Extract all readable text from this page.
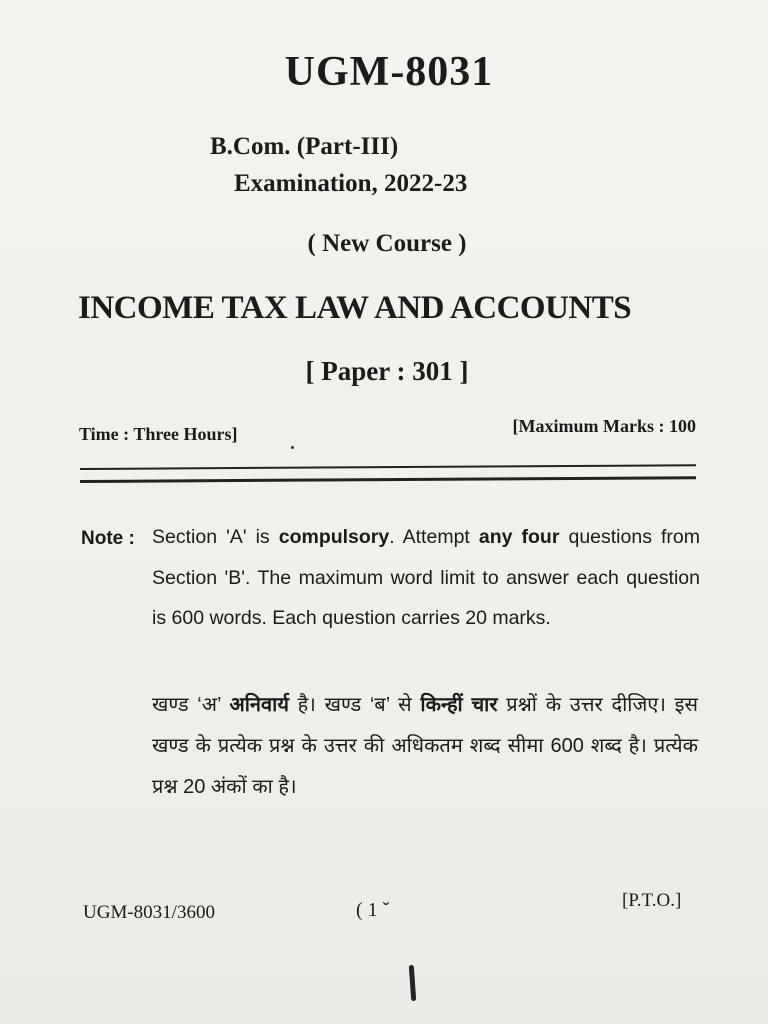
UGM-8031
B.Com. (Part-III)
Examination, 2022-23
( New Course )
INCOME TAX LAW AND ACCOUNTS
[ Paper : 301 ]
Time : Three Hours]	[Maximum Marks : 100
Note : Section 'A' is compulsory. Attempt any four questions from Section 'B'. The maximum word limit to answer each question is 600 words. Each question carries 20 marks.
खण्ड ‘अ’ अनिवार्य है। खण्ड ‘ब’ से किन्हीं चार प्रश्नों के उत्तर दीजिए। इस खण्ड के प्रत्येक प्रश्न के उत्तर की अधिकतम शब्द सीमा 600 शब्द है। प्रत्येक प्रश्न 20 अंकों का है।
UGM-8031/3600	( 1 ˇ	[P.T.O.]
